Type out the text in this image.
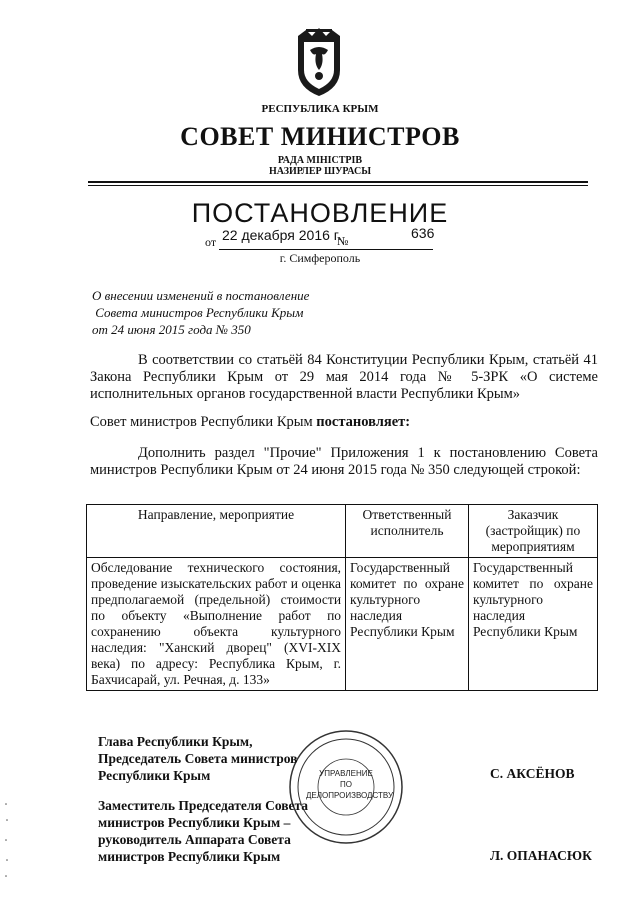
РЕСПУБЛИКА КРЫМ
СОВЕТ МИНИСТРОВ
РАДА МІНІСТРІВ
НАЗИРЛЕР ШУРАСЫ
ПОСТАНОВЛЕНИЕ
от 22 декабря 2016 г.
№	636
г. Симферополь
О внесении изменений в постановление
Совета министров Республики Крым
от 24 июня 2015 года № 350
В соответствии со статьёй 84 Конституции Республики Крым, статьёй 41 Закона Республики Крым от 29 мая 2014 года № 5-ЗРК «О системе исполнительных органов государственной власти Республики Крым»
Совет министров Республики Крым постановляет:
Дополнить раздел "Прочие" Приложения 1 к постановлению Совета министров Республики Крым от 24 июня 2015 года № 350 следующей строкой:
Направление, мероприятие	Ответственный исполнитель	Заказчик (застройщик) по мероприятиям
Обследование технического состояния, проведение изыскательских работ и оценка предполагаемой (предельной) стоимости по объекту «Выполнение работ по сохранению объекта культурного наследия: "Ханский дворец" (XVI-XIX века) по адресу: Республика Крым, г. Бахчисарай, ул. Речная, д. 133»	Государственный комитет по охране культурного наследия Республики Крым	Государственный комитет по охране культурного наследия Республики Крым
УПРАВЛЕНИЕ
ПО
ДЕЛОПРОИЗВОДСТВУ
Глава Республики Крым,
Председатель Совета министров
Республики Крым	С. АКСЁНОВ
Заместитель Председателя Совета
министров Республики Крым –
руководитель Аппарата Совета
министров Республики Крым	Л. ОПАНАСЮК
